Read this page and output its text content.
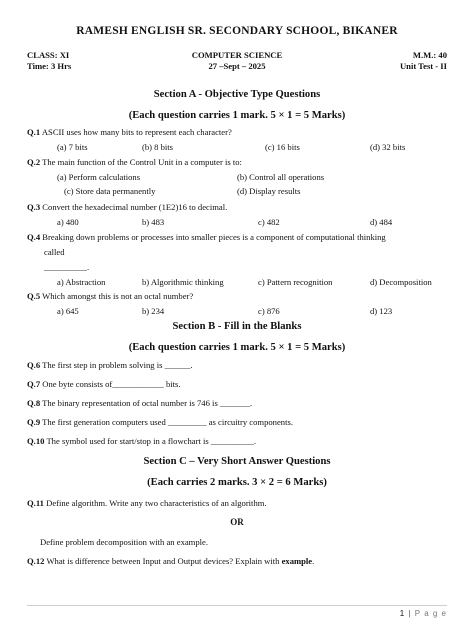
RAMESH ENGLISH SR. SECONDARY SCHOOL, BIKANER
CLASS: XI	COMPUTER SCIENCE	M.M.: 40
Time: 3 Hrs	27 –Sept – 2025	Unit Test - II
Section A - Objective Type Questions
(Each question carries 1 mark. 5 × 1 = 5 Marks)
Q.1 ASCII uses how many bits to represent each character?
(a) 7 bits	(b) 8 bits	(c) 16 bits	(d) 32 bits
Q.2 The main function of the Control Unit in a computer is to:
(a) Perform calculations	(b) Control all operations
(c) Store data permanently	(d) Display results
Q.3 Convert the hexadecimal number (1E2)16 to decimal.
a) 480	b) 483	c) 482	d) 484
Q.4 Breaking down problems or processes into smaller pieces is a component of computational thinking
called
__________.
a) Abstraction	b) Algorithmic thinking	c) Pattern recognition	d) Decomposition
Q.5 Which amongst this is not an octal number?
a) 645	b) 234	c) 876	d) 123
Section B - Fill in the Blanks
(Each question carries 1 mark. 5 × 1 = 5 Marks)
Q.6 The first step in problem solving is ______.
Q.7 One byte consists of____________ bits.
Q.8 The binary representation of octal number is 746 is _______.
Q.9 The first generation computers used _________ as circuitry components.
Q.10 The symbol used for start/stop in a flowchart is __________.
Section C – Very Short Answer Questions
(Each carries 2 marks. 3 × 2 = 6 Marks)
Q.11 Define algorithm. Write any two characteristics of an algorithm.
OR
Define problem decomposition with an example.
Q.12 What is difference between Input and Output devices? Explain with example.
1 | P a g e
